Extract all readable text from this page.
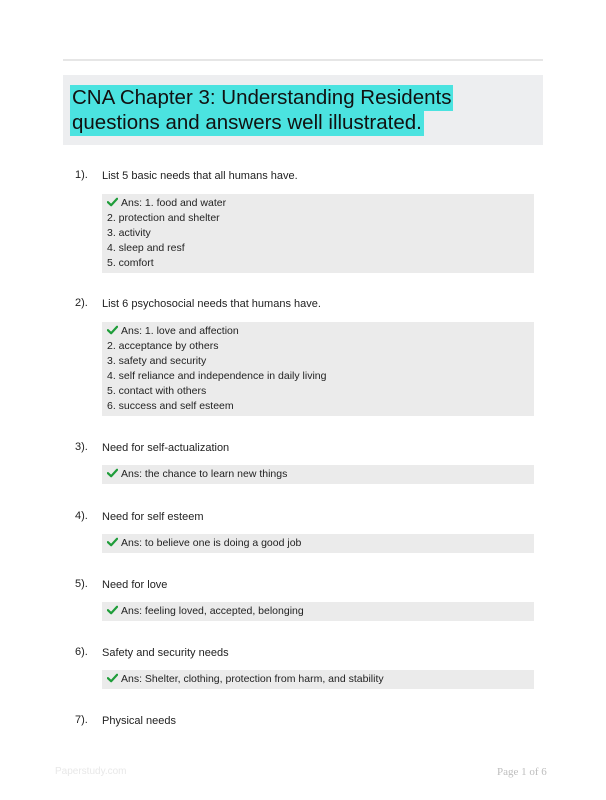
CNA Chapter 3: Understanding Residents questions and answers well illustrated.
1). List 5 basic needs that all humans have.
Ans: 1. food and water
2. protection and shelter
3. activity
4. sleep and resf
5. comfort
2). List 6 psychosocial needs that humans have.
Ans: 1. love and affection
2. acceptance by others
3. safety and security
4. self reliance and independence in daily living
5. contact with others
6. success and self esteem
3). Need for self-actualization
Ans: the chance to learn new things
4). Need for self esteem
Ans: to believe one is doing a good job
5). Need for love
Ans: feeling loved, accepted, belonging
6). Safety and security needs
Ans: Shelter, clothing, protection from harm, and stability
7). Physical needs
Paperstudy.com	Page 1 of 6
